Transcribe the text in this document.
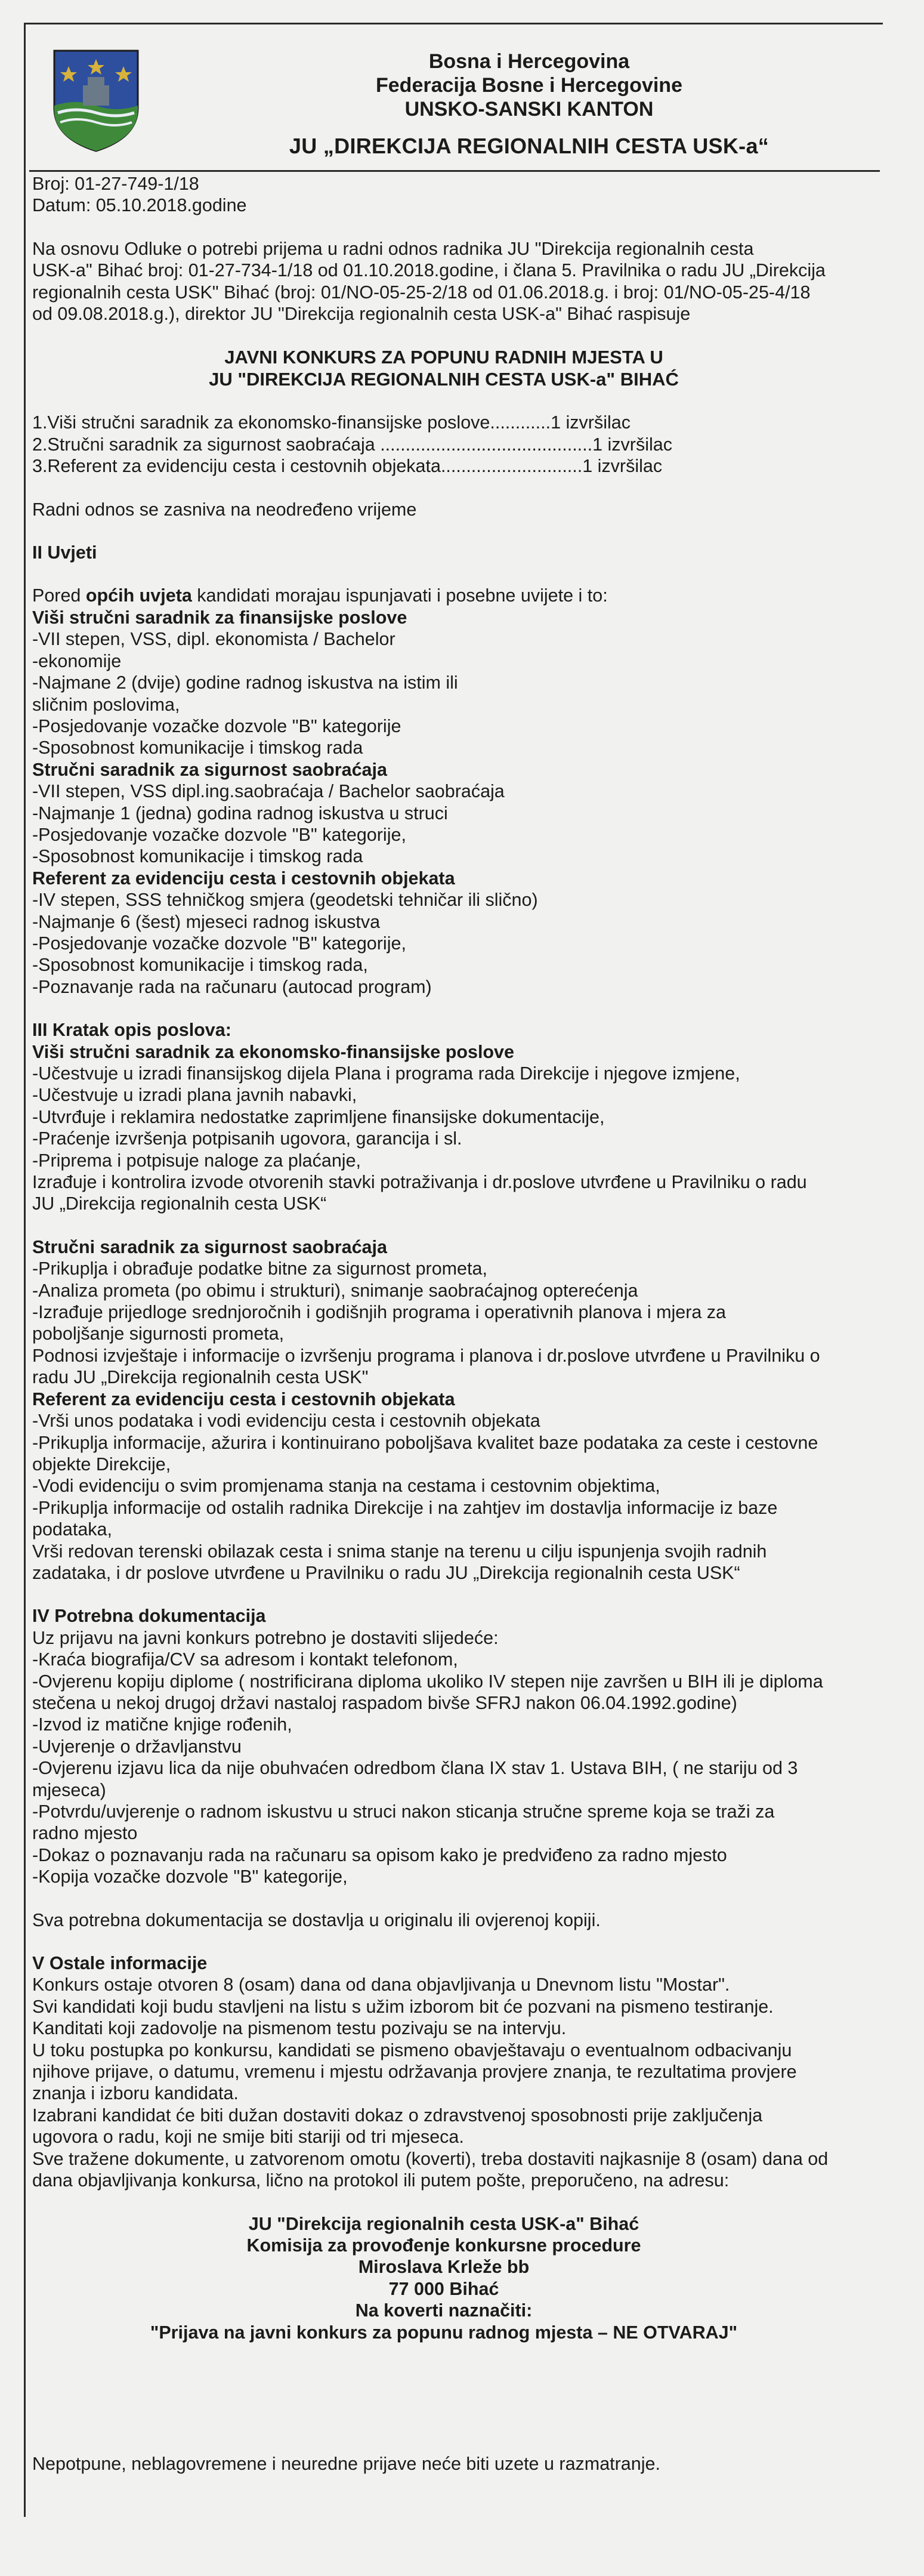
Bosna i Hercegovina
Federacija Bosne i Hercegovine
UNSKO-SANSKI KANTON
JU „DIREKCIJA REGIONALNIH CESTA USK-a“
Broj: 01-27-749-1/18
Datum: 05.10.2018.godine
Na osnovu Odluke o potrebi prijema u radni odnos radnika JU "Direkcija regionalnih cesta
USK-a" Bihać broj: 01-27-734-1/18 od 01.10.2018.godine, i člana 5. Pravilnika o radu JU „Direkcija
regionalnih cesta USK" Bihać (broj: 01/NO-05-25-2/18 od 01.06.2018.g. i broj: 01/NO-05-25-4/18
od 09.08.2018.g.), direktor JU "Direkcija regionalnih cesta USK-a" Bihać raspisuje
JAVNI KONKURS ZA POPUNU RADNIH MJESTA U
JU "DIREKCIJA REGIONALNIH CESTA USK-a" BIHAĆ
1.Viši stručni saradnik za ekonomsko-finansijske poslove............1 izvršilac
2.Stručni saradnik za sigurnost saobraćaja ..........................................1 izvršilac
3.Referent za evidenciju cesta i cestovnih objekata............................1 izvršilac
Radni odnos se zasniva na neodređeno vrijeme
II Uvjeti
Pored općih uvjeta kandidati morajau ispunjavati i posebne uvijete i to:
Viši stručni saradnik za finansijske poslove
-VII stepen, VSS, dipl. ekonomista / Bachelor
-ekonomije
-Najmane 2 (dvije) godine radnog iskustva na istim ili
sličnim poslovima,
-Posjedovanje vozačke dozvole "B" kategorije
-Sposobnost komunikacije i timskog rada
Stručni saradnik za sigurnost saobraćaja
-VII stepen, VSS dipl.ing.saobraćaja / Bachelor saobraćaja
-Najmanje 1 (jedna) godina radnog iskustva u struci
-Posjedovanje vozačke dozvole "B" kategorije,
-Sposobnost komunikacije i timskog rada
Referent za evidenciju cesta i cestovnih objekata
-IV stepen, SSS tehničkog smjera (geodetski tehničar ili slično)
-Najmanje 6 (šest) mjeseci radnog iskustva
-Posjedovanje vozačke dozvole "B" kategorije,
-Sposobnost komunikacije i timskog rada,
-Poznavanje rada na računaru (autocad program)
III Kratak opis poslova:
Viši stručni saradnik za ekonomsko-finansijske poslove
-Učestvuje u izradi finansijskog dijela Plana i programa rada Direkcije i njegove izmjene,
-Učestvuje u izradi plana javnih nabavki,
-Utvrđuje i reklamira nedostatke zaprimljene finansijske dokumentacije,
-Praćenje izvršenja potpisanih ugovora, garancija i sl.
-Priprema i potpisuje naloge za plaćanje,
Izrađuje i kontrolira izvode otvorenih stavki potraživanja i dr.poslove utvrđene u Pravilniku o radu
JU „Direkcija regionalnih cesta USK“
Stručni saradnik za sigurnost saobraćaja
-Prikuplja i obrađuje podatke bitne za sigurnost prometa,
-Analiza prometa (po obimu i strukturi), snimanje saobraćajnog opterećenja
-Izrađuje prijedloge srednjoročnih i godišnjih programa i operativnih planova i mjera za
poboljšanje sigurnosti prometa,
Podnosi izvještaje i informacije o izvršenju programa i planova i dr.poslove utvrđene u Pravilniku o
radu JU „Direkcija regionalnih cesta USK"
Referent za evidenciju cesta i cestovnih objekata
-Vrši unos podataka i vodi evidenciju cesta i cestovnih objekata
-Prikuplja informacije, ažurira i kontinuirano poboljšava kvalitet baze podataka za ceste i cestovne
objekte Direkcije,
-Vodi evidenciju o svim promjenama stanja na cestama i cestovnim objektima,
-Prikuplja informacije od ostalih radnika Direkcije i na zahtjev im dostavlja informacije iz baze
podataka,
Vrši redovan terenski obilazak cesta i snima stanje na terenu u cilju ispunjenja svojih radnih
zadataka, i dr poslove utvrđene u Pravilniku o radu JU „Direkcija regionalnih cesta USK“
IV Potrebna dokumentacija
Uz prijavu na javni konkurs potrebno je dostaviti slijedeće:
-Kraća biografija/CV sa adresom i kontakt telefonom,
-Ovjerenu kopiju diplome ( nostrificirana diploma ukoliko IV stepen nije završen u BIH ili je diploma
stečena u nekoj drugoj državi nastaloj raspadom bivše SFRJ nakon 06.04.1992.godine)
-Izvod iz matične knjige rođenih,
-Uvjerenje o državljanstvu
-Ovjerenu izjavu lica da nije obuhvaćen odredbom člana IX stav 1. Ustava BIH, ( ne stariju od 3
mjeseca)
-Potvrdu/uvjerenje o radnom iskustvu u struci nakon sticanja stručne spreme koja se traži za
radno mjesto
-Dokaz o poznavanju rada na računaru sa opisom kako je predviđeno za radno mjesto
-Kopija vozačke dozvole "B" kategorije,
Sva potrebna dokumentacija se dostavlja u originalu ili ovjerenoj kopiji.
V Ostale informacije
Konkurs ostaje otvoren 8 (osam) dana od dana objavljivanja u Dnevnom listu "Mostar".
Svi kandidati koji budu stavljeni na listu s užim izborom bit će pozvani na pismeno testiranje.
Kanditati koji zadovolje na pismenom testu pozivaju se na intervju.
U toku postupka po konkursu, kandidati se pismeno obavještavaju o eventualnom odbacivanju
njihove prijave, o datumu, vremenu i mjestu održavanja provjere znanja, te rezultatima provjere
znanja i izboru kandidata.
Izabrani kandidat će biti dužan dostaviti dokaz o zdravstvenoj sposobnosti prije zaključenja
ugovora o radu, koji ne smije biti stariji od tri mjeseca.
Sve tražene dokumente, u zatvorenom omotu (koverti), treba dostaviti najkasnije 8 (osam) dana od
dana objavljivanja konkursa, lično na protokol ili putem pošte, preporučeno, na adresu:
JU "Direkcija regionalnih cesta USK-a" Bihać
Komisija za provođenje konkursne procedure
Miroslava Krleže bb
77 000 Bihać
Na koverti naznačiti:
"Prijava na javni konkurs za popunu radnog mjesta – NE OTVARAJ"
Nepotpune, neblagovremene i neuredne prijave neće biti uzete u razmatranje.
